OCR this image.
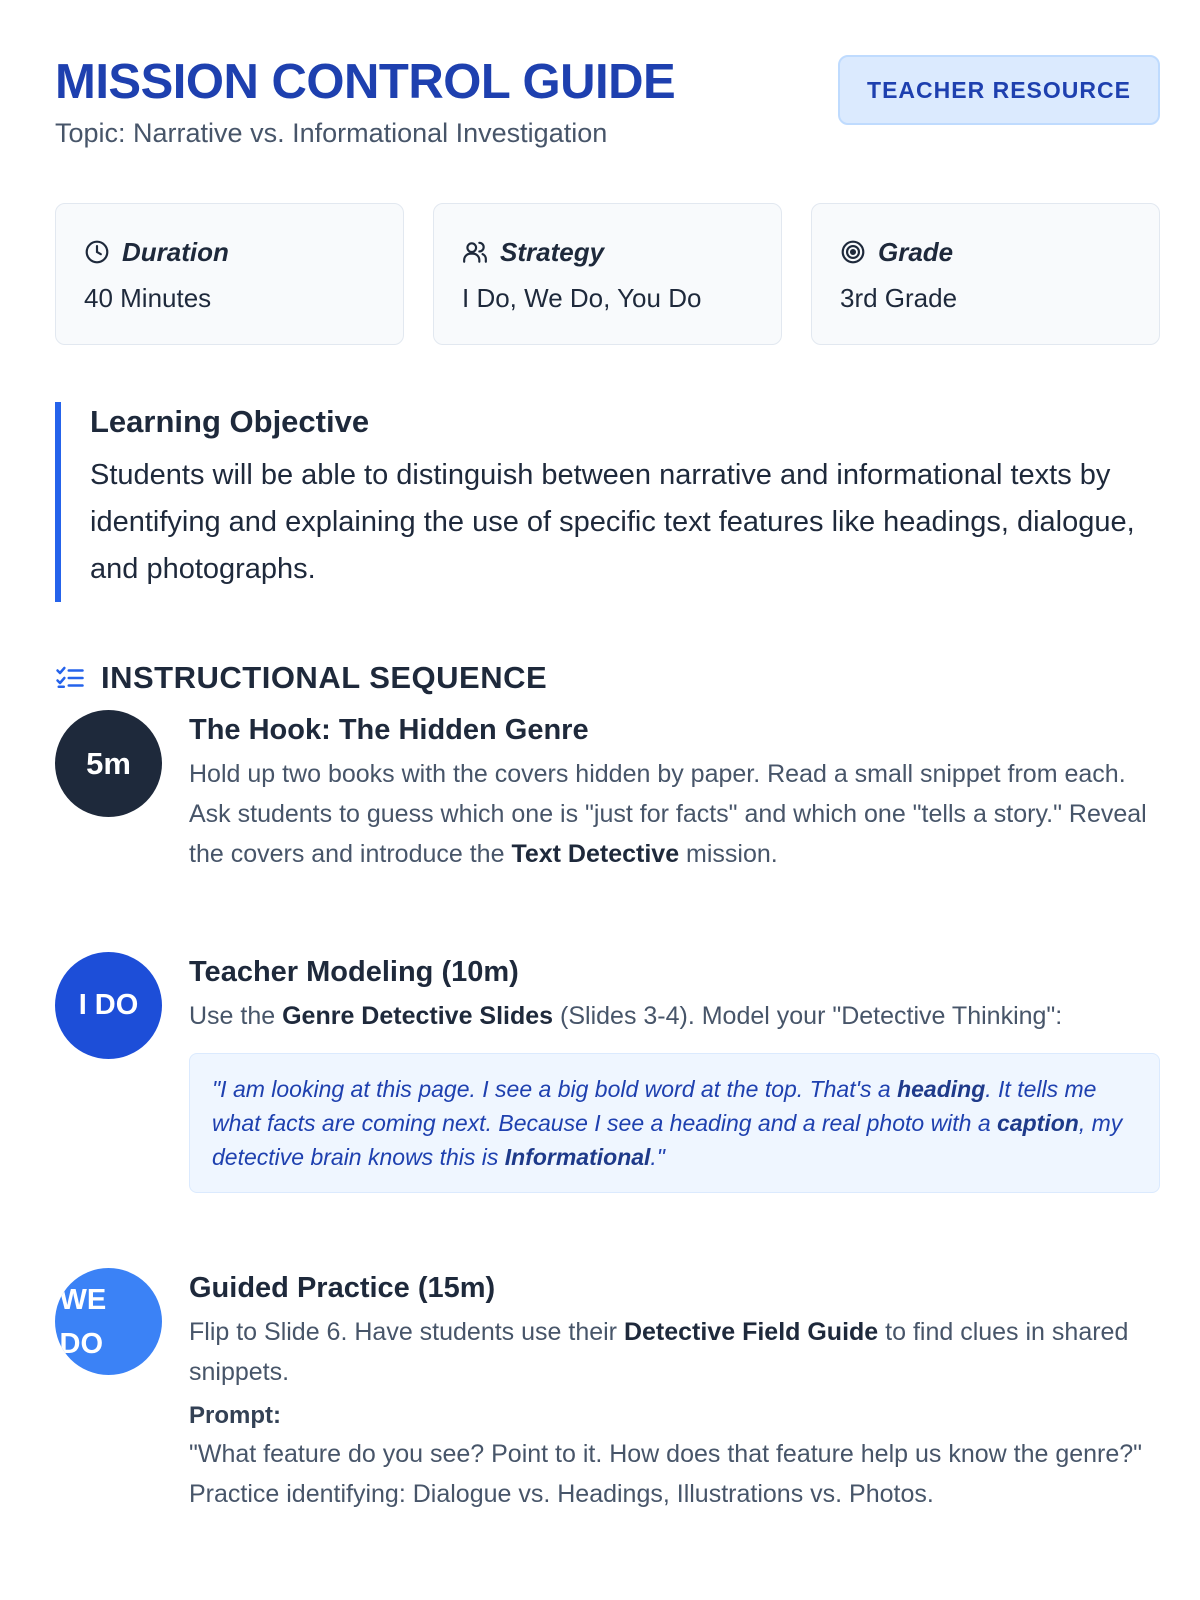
MISSION CONTROL GUIDE
Topic: Narrative vs. Informational Investigation
TEACHER RESOURCE
Duration
40 Minutes
Strategy
I Do, We Do, You Do
Grade
3rd Grade
Learning Objective

Students will be able to distinguish between narrative and informational texts by identifying and explaining the use of specific text features like headings, dialogue, and photographs.

INSTRUCTIONAL SEQUENCE
5m
The Hook: The Hidden Genre

Hold up two books with the covers hidden by paper. Read a small snippet from each. Ask students to guess which one is "just for facts" and which one "tells a story." Reveal the covers and introduce the Text Detective mission.

I DO
Teacher Modeling (10m)

Use the Genre Detective Slides (Slides 3-4). Model your "Detective Thinking":

"I am looking at this page. I see a big bold word at the top. That's a heading. It tells me what facts are coming next. Because I see a heading and a real photo with a caption, my detective brain knows this is Informational."
WE
DO
Guided Practice (15m)

Flip to Slide 6. Have students use their Detective Field Guide to find clues in shared snippets.

Prompt:

"What feature do you see? Point to it. How does that feature help us know the genre?" Practice identifying: Dialogue vs. Headings, Illustrations vs. Photos.
